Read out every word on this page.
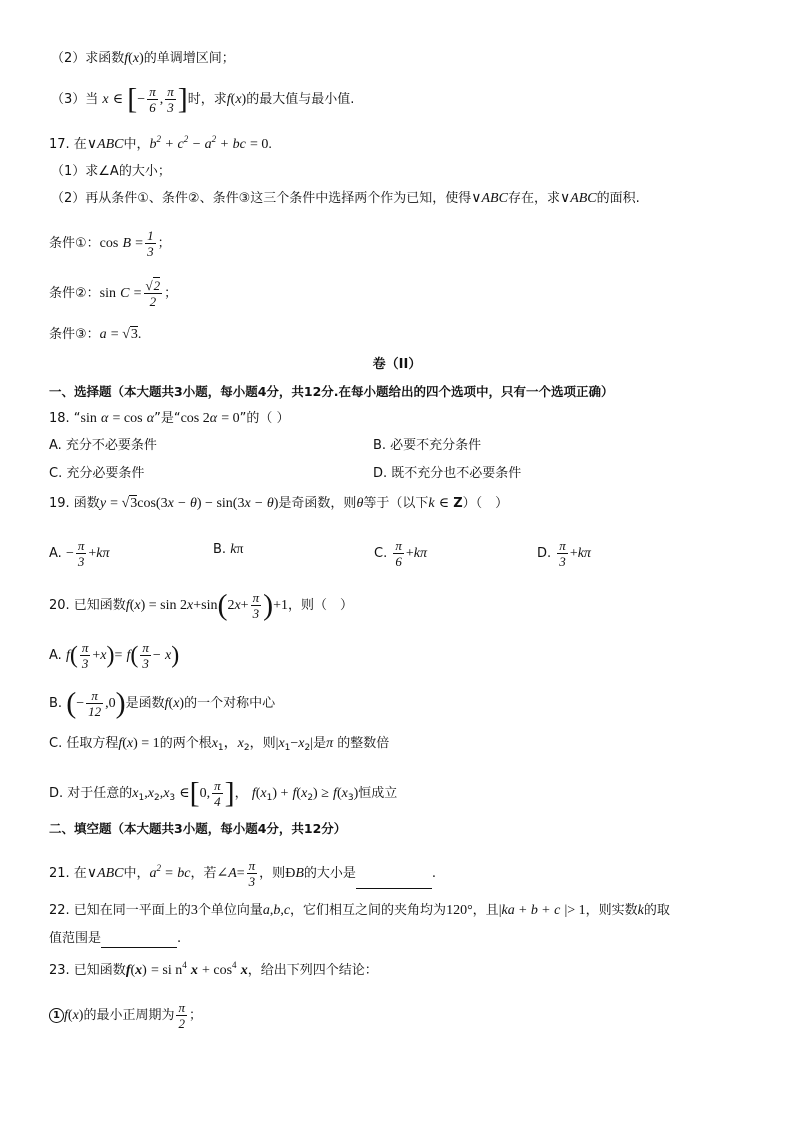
（2）求函数f(x)的单调增区间；
（3）当 x ∈ [− $\frac{\pi}{6}$ , $\frac{\pi}{3}$ ]时，求f(x)的最大值与最小值.
17. 在∨ABC中，$b^2 + c^2 - a^2$ + bc = 0.
（1）求∠A的大小；
（2）再从条件①、条件②、条件③这三个条件中选择两个作为已知，使得∨ABC存在，求∨ABC的面积.
条件①：$\cos B = \frac{1}{3}$ ；
条件②：$\sin C = \frac{√2}{2}$ ；
条件③：a = √3.
卷（II）
一、选择题（本大题共3小题，每小题4分，共12分.在每小题给出的四个选项中，只有一个选项正确）
18. “sin α = cos α”是“cos 2α = 0”的（ ）
A. 充分不必要条件	B. 必要不充分条件
C. 充分必要条件	D. 既不充分也不必要条件
19. 函数y = √3cos(3x − θ) − sin(3x − θ)是奇函数，则θ等于（以下k ∈ Z）（　）
A. − $\frac{\pi}{3} +k\pi$	B. kπ	C. $\frac{\pi}{6} +k\pi$	D. $\frac{\pi}{3} +k\pi$
20. 已知函数$f(x) = \sin 2x+\sin(2x+ \frac{\pi}{3} )+1$，则（　）
A. $f( \frac{\pi}{3} +x)= f( \frac{\pi}{3} - x)$
B. (− $\frac{\pi}{12} ,0$)是函数f(x)的一个对称中心
C. 任取方程f(x) = 1的两个根$x_1$，$x_2$，则$|x_1-x_2|$是π 的整数倍
D. 对于任意的$x_1,x_2,x_3$ ∈[0, $\frac{\pi}{4}$ ]， $f(x_1) + f(x_2) \ge f(x_3)$恒成立
二、填空题（本大题共3小题，每小题4分，共12分）
21. 在∨ABC中，$a^2$ = bc，若∠A= $\frac{\pi}{3}$ ，则ÐB的大小是	.
22. 已知在同一平面上的3个单位向量a,b,c，它们相互之间的夹角均为120°，且|ka + b + c |> 1，则实数k的取
值范围是	.
23. 已知函数f(x) = si $n^4$ $x + \cos^4 x$，给出下列四个结论：
1 f(x)的最小正周期为 $\frac{\pi}{2}$ ；
